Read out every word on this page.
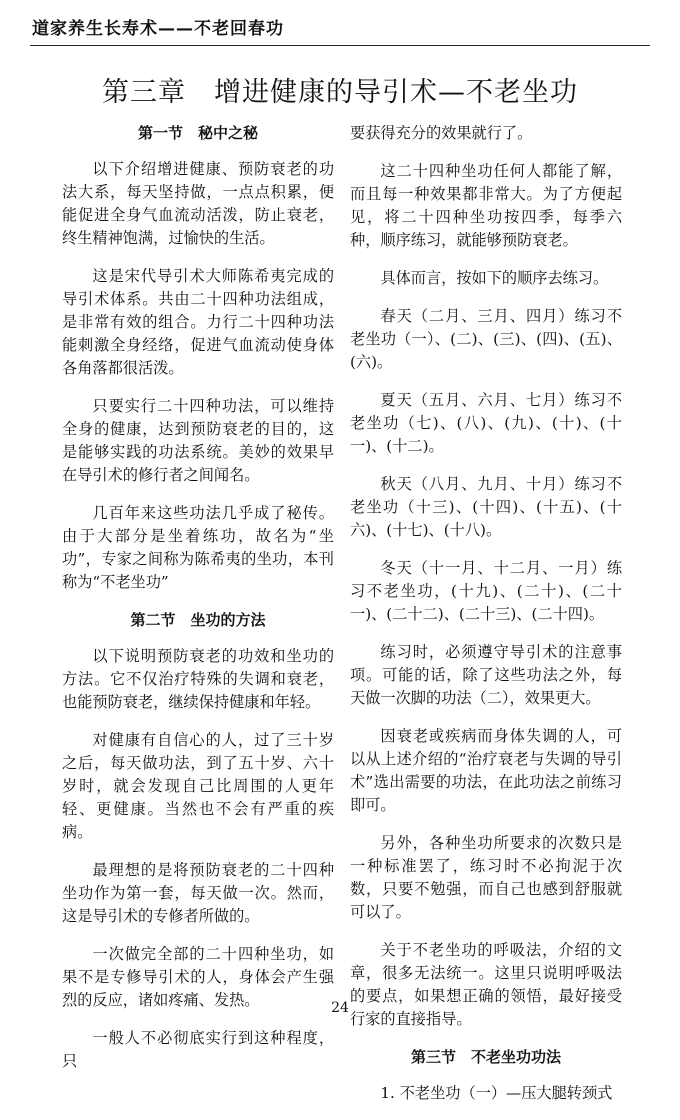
道家养生长寿术——不老回春功
第三章　增进健康的导引术—不老坐功
第一节　秘中之秘

以下介绍增进健康、预防衰老的功法大系，每天坚持做，一点点积累，便能促进全身气血流动活泼，防止衰老，终生精神饱满，过愉快的生活。

这是宋代导引术大师陈希夷完成的导引术体系。共由二十四种功法组成，是非常有效的组合。力行二十四种功法能刺激全身经络，促进气血流动使身体各角落都很活泼。

只要实行二十四种功法，可以维持全身的健康，达到预防衰老的目的，这是能够实践的功法系统。美妙的效果早在导引术的修行者之间闻名。

几百年来这些功法几乎成了秘传。由于大部分是坐着练功，故名为“坐功”，专家之间称为陈希夷的坐功，本刊称为“不老坐功”

第二节　坐功的方法

以下说明预防衰老的功效和坐功的方法。它不仅治疗特殊的失调和衰老，也能预防衰老，继续保持健康和年轻。

对健康有自信心的人，过了三十岁之后，每天做功法，到了五十岁、六十岁时，就会发现自己比周围的人更年轻、更健康。当然也不会有严重的疾病。

最理想的是将预防衰老的二十四种坐功作为第一套，每天做一次。然而，这是导引术的专修者所做的。

一次做完全部的二十四种坐功，如果不是专修导引术的人，身体会产生强烈的反应，诸如疼痛、发热。

一般人不必彻底实行到这种程度，只

要获得充分的效果就行了。

这二十四种坐功任何人都能了解，而且每一种效果都非常大。为了方便起见，将二十四种坐功按四季，每季六种，顺序练习，就能够预防衰老。

具体而言，按如下的顺序去练习。

春天（二月、三月、四月）练习不老坐功（一）、(二)、(三)、(四)、(五)、(六)。

夏天（五月、六月、七月）练习不老坐功（七)、(八)、(九)、(十)、(十一)、(十二)。

秋天（八月、九月、十月）练习不老坐功（十三)、(十四)、(十五)、(十六)、(十七)、(十八)。

冬天（十一月、十二月、一月）练习不老坐功，(十九)、(二十)、(二十一)、(二十二)、(二十三)、(二十四)。

练习时，必须遵守导引术的注意事项。可能的话，除了这些功法之外，每天做一次脚的功法（二），效果更大。

因衰老或疾病而身体失调的人，可以从上述介绍的“治疗衰老与失调的导引术”选出需要的功法，在此功法之前练习即可。

另外，各种坐功所要求的次数只是一种标准罢了，练习时不必拘泥于次数，只要不勉强，而自己也感到舒服就可以了。

关于不老坐功的呼吸法，介绍的文章，很多无法统一。这里只说明呼吸法的要点，如果想正确的领悟，最好接受行家的直接指导。

第三节　不老坐功功法

1. 不老坐功（一）—压大腿转颈式

24
